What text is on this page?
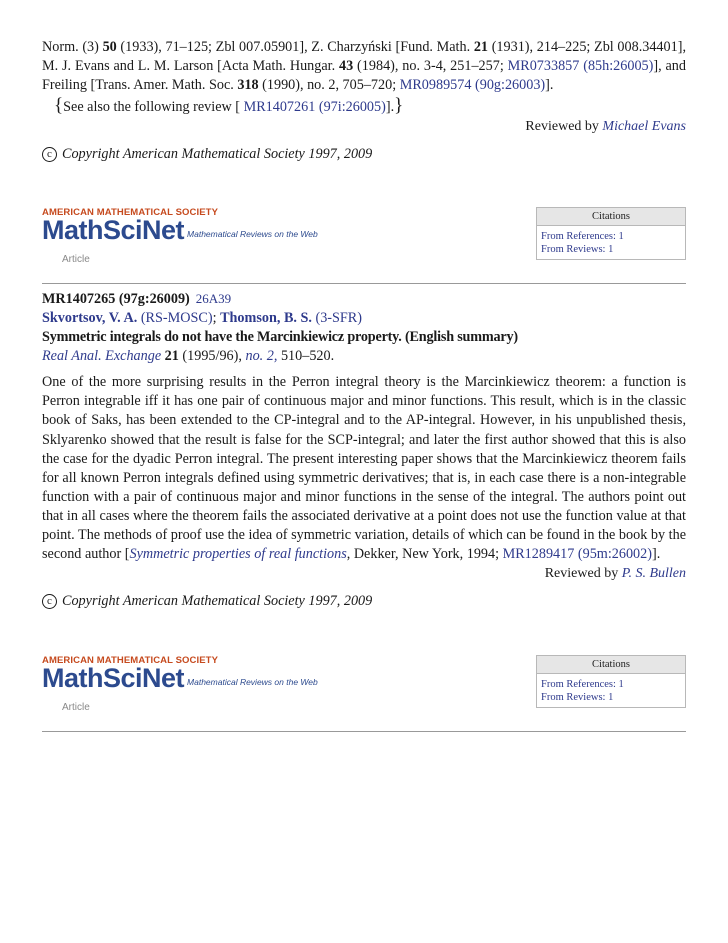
Norm. (3) 50 (1933), 71–125; Zbl 007.05901], Z. Charzyński [Fund. Math. 21 (1931), 214–225; Zbl 008.34401], M. J. Evans and L. M. Larson [Acta Math. Hungar. 43 (1984), no. 3-4, 251–257; MR0733857 (85h:26005)], and Freiling [Trans. Amer. Math. Soc. 318 (1990), no. 2, 705–720; MR0989574 (90g:26003)].

{See also the following review [ MR1407261 (97i:26005)].}
Reviewed by Michael Evans
c Copyright American Mathematical Society 1997, 2009
AMERICAN MATHEMATICAL SOCIETY
MathSciNet Mathematical Reviews on the Web
Article
Citations
From References: 1
From Reviews: 1
MR1407265 (97g:26009) 26A39
Skvortsov, V. A. (RS-MOSC); Thomson, B. S. (3-SFR)
Symmetric integrals do not have the Marcinkiewicz property. (English summary)
Real Anal. Exchange 21 (1995/96), no. 2, 510–520.

One of the more surprising results in the Perron integral theory is the Marcinkiewicz theorem: a function is Perron integrable iff it has one pair of continuous major and minor functions. This result, which is in the classic book of Saks, has been extended to the CP-integral and to the AP-integral. However, in his unpublished thesis, Sklyarenko showed that the result is false for the SCP-integral; and later the first author showed that this is also the case for the dyadic Perron integral. The present interesting paper shows that the Marcinkiewicz theorem fails for all known Perron integrals defined using symmetric derivatives; that is, in each case there is a non-integrable function with a pair of continuous major and minor functions in the sense of the integral. The authors point out that in all cases where the theorem fails the associated derivative at a point does not use the function value at that point. The methods of proof use the idea of symmetric variation, details of which can be found in the book by the second author [Symmetric properties of real functions, Dekker, New York, 1994; MR1289417 (95m:26002)].

Reviewed by P. S. Bullen
c Copyright American Mathematical Society 1997, 2009
AMERICAN MATHEMATICAL SOCIETY
MathSciNet Mathematical Reviews on the Web
Article
Citations
From References: 1
From Reviews: 1
